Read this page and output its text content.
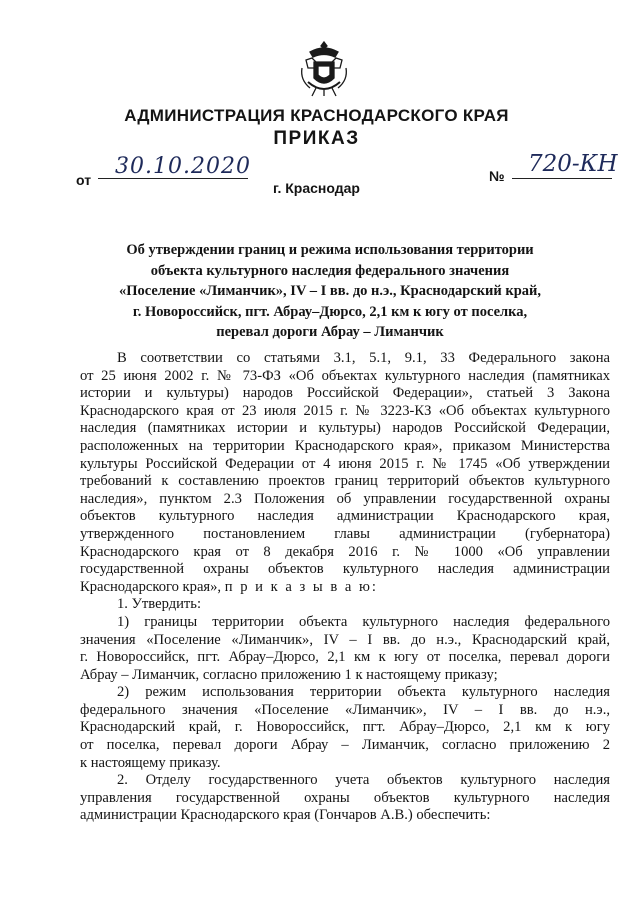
АДМИНИСТРАЦИЯ КРАСНОДАРСКОГО КРАЯ
ПРИКАЗ
от
30.10.2020	№ 720-КН
г. Краснодар
Об утверждении границ и режима использования территории
объекта культурного наследия федерального значения
«Поселение «Лиманчик», IV – I вв. до н.э., Краснодарский край,
г. Новороссийск, пгт. Абрау–Дюрсо, 2,1 км к югу от поселка,
перевал дороги Абрау – Лиманчик
В соответствии со статьями 3.1, 5.1, 9.1, 33 Федерального закона
от 25 июня 2002 г. № 73-ФЗ «Об объектах культурного наследия (памятниках
истории и культуры) народов Российской Федерации», статьей 3 Закона
Краснодарского края от 23 июля 2015 г. № 3223-КЗ «Об объектах культурного
наследия (памятниках истории и культуры) народов Российской Федерации,
расположенных на территории Краснодарского края», приказом Министерства
культуры Российской Федерации от 4 июня 2015 г. № 1745 «Об утверждении
требований к составлению проектов границ территорий объектов культурного
наследия», пунктом 2.3 Положения об управлении государственной охраны
объектов культурного наследия администрации Краснодарского края,
утвержденного постановлением главы администрации (губернатора)
Краснодарского края от 8 декабря 2016 г. № 1000 «Об управлении
государственной охраны объектов культурного наследия администрации
Краснодарского края», п р и к а з ы в а ю:
1. Утвердить:
1) границы территории объекта культурного наследия федерального
значения «Поселение «Лиманчик», IV – I вв. до н.э., Краснодарский край,
г. Новороссийск, пгт. Абрау–Дюрсо, 2,1 км к югу от поселка, перевал дороги
Абрау – Лиманчик, согласно приложению 1 к настоящему приказу;
2) режим использования территории объекта культурного наследия
федерального значения «Поселение «Лиманчик», IV – I вв. до н.э.,
Краснодарский край, г. Новороссийск, пгт. Абрау–Дюрсо, 2,1 км к югу
от поселка, перевал дороги Абрау – Лиманчик, согласно приложению 2
к настоящему приказу.
2. Отделу государственного учета объектов культурного наследия
управления государственной охраны объектов культурного наследия
администрации Краснодарского края (Гончаров А.В.) обеспечить:
